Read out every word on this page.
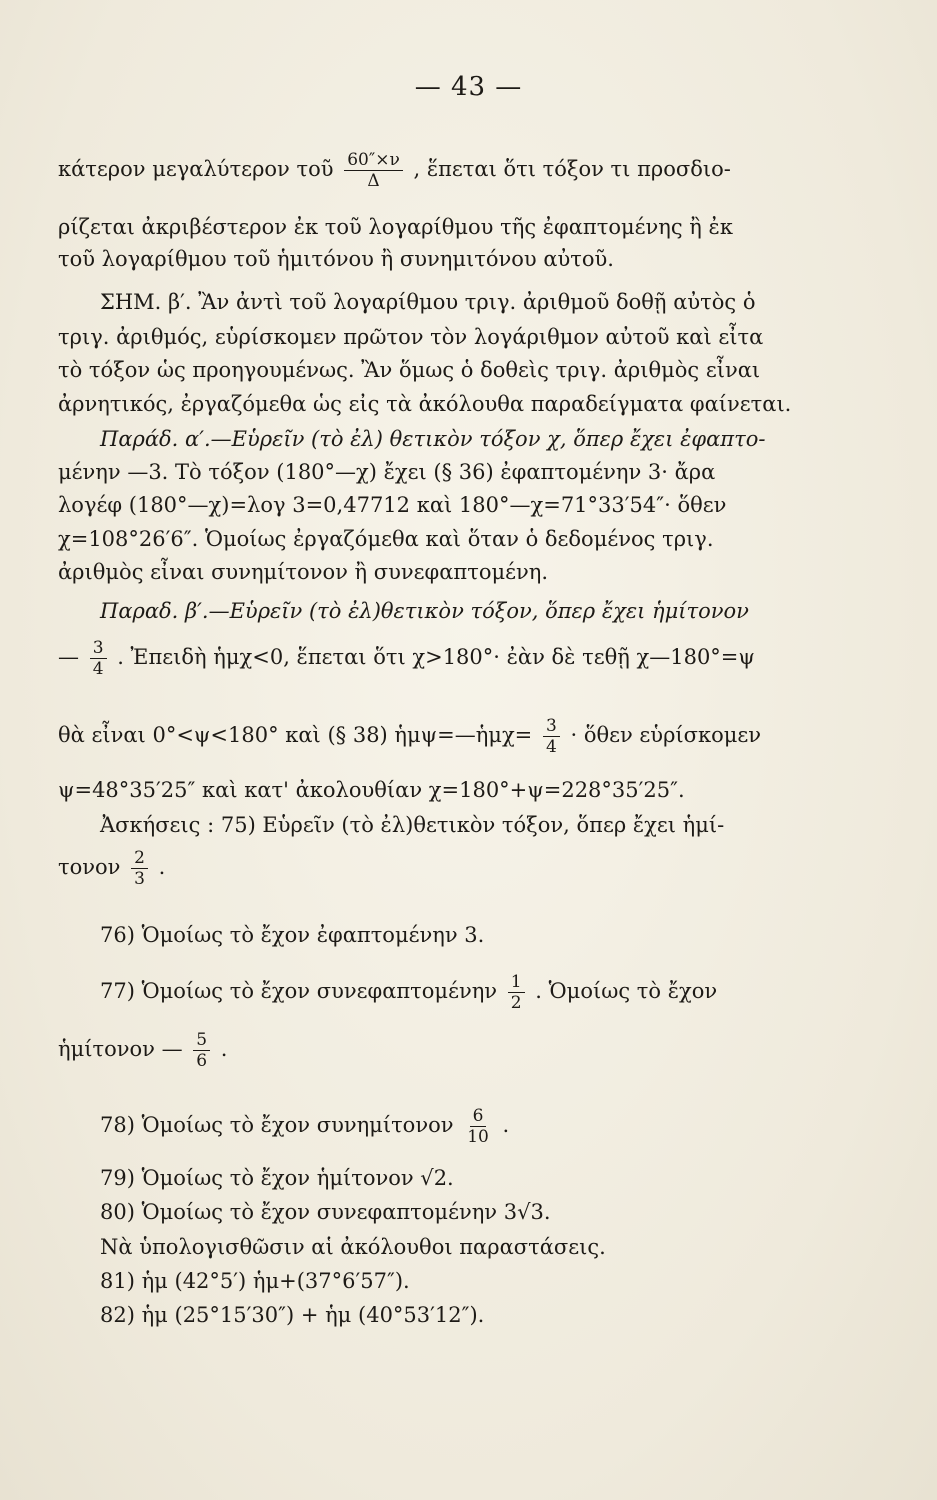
— 43 —
κάτερον μεγαλύτερον τοῦ $\frac{60''\times\nu}{\Delta}$ , ἕπεται ὅτι τόξον τι προσδιο-
ρίζεται ἀκριβέστερον ἐκ τοῦ λογαρίθμου τῆς ἐφαπτομένης ἢ ἐκ
τοῦ λογαρίθμου τοῦ ἡμιτόνου ἢ συνημιτόνου αὐτοῦ.
ΣΗΜ. β′. Ἂν ἀντὶ τοῦ λογαρίθμου τριγ. ἀριθμοῦ δοθῇ αὐτὸς ὁ
τριγ. ἀριθμός, εὑρίσκομεν πρῶτον τὸν λογάριθμον αὐτοῦ καὶ εἶτα
τὸ τόξον ὡς προηγουμένως. Ἂν ὅμως ὁ δοθεὶς τριγ. ἀριθμὸς εἶναι
ἀρνητικός, ἐργαζόμεθα ὡς εἰς τὰ ἀκόλουθα παραδείγματα φαίνεται.
Παράδ. α′.—Εὑρεῖν (τὸ ἐλ) θετικὸν τόξον χ, ὅπερ ἔχει ἐφαπτο-
μένην —3. Τὸ τόξον (180°—χ) ἔχει (§ 36) ἐφαπτομένην 3· ἄρα
λογέφ (180°—χ)=λογ 3=0,47712 καὶ 180°—χ=71°33′54″· ὅθεν
χ=108°26′6″. Ὁμοίως ἐργαζόμεθα καὶ ὅταν ὁ δεδομένος τριγ.
ἀριθμὸς εἶναι συνημίτονον ἢ συνεφαπτομένη.
Παραδ. β′.—Εὑρεῖν (τὸ ἐλ)θετικὸν τόξον, ὅπερ ἔχει ἡμίτονον
— $\frac{3}{4}$ . Ἐπειδὴ ἡμχ<0, ἕπεται ὅτι χ>180°· ἐὰν δὲ τεθῇ χ—180°=ψ
θὰ εἶναι 0°<ψ<180° καὶ (§ 38) ἡμψ=—ἡμχ= $\frac{3}{4}$ · ὅθεν εὑρίσκομεν
ψ=48°35′25″ καὶ κατ' ἀκολουθίαν χ=180°+ψ=228°35′25″.
Ἀσκήσεις : 75) Εὑρεῖν (τὸ ἐλ)θετικὸν τόξον, ὅπερ ἔχει ἡμί-
τονον $\frac{2}{3}$ .
76) Ὁμοίως τὸ ἔχον ἐφαπτομένην 3.
77) Ὁμοίως τὸ ἔχον συνεφαπτομένην $\frac{1}{2}$ . Ὁμοίως τὸ ἔχον
ἡμίτονον — $\frac{5}{6}$ .
78) Ὁμοίως τὸ ἔχον συνημίτονον $\frac{6}{10}$ .
79) Ὁμοίως τὸ ἔχον ἡμίτονον √2.
80) Ὁμοίως τὸ ἔχον συνεφαπτομένην 3√3.
Νὰ ὑπολογισθῶσιν αἱ ἀκόλουθοι παραστάσεις.
81) ἡμ (42°5′) ἡμ+(37°6′57″).
82) ἡμ (25°15′30″) + ἡμ (40°53′12″).
